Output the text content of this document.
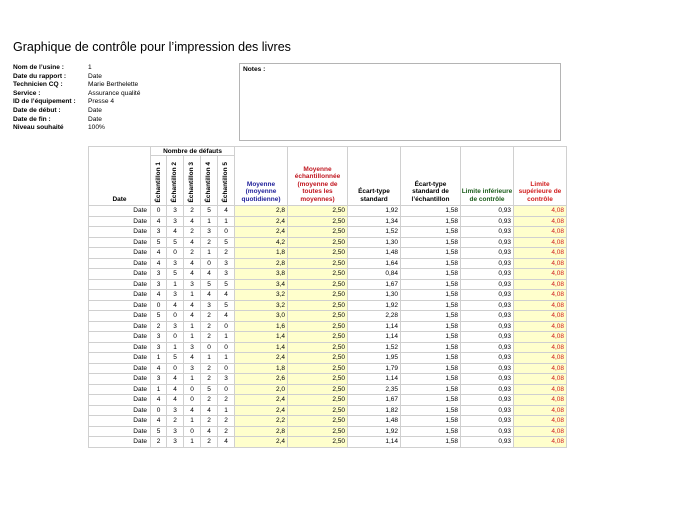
Graphique de contrôle pour l’impression des livres
Nom de l’usine :	1
Date du rapport :	Date
Technicien CQ :	Marie Berthelette
Service :	Assurance qualité
ID de l’équipement :	Presse 4
Date de début :	Date
Date de fin :	Date
Niveau souhaité	100%
Notes :
Date	Nombre de défauts					Moyenne (moyenne quotidienne)	Moyenne échantillonnée (moyenne de toutes les moyennes)	Écart-type standard	Écart-type standard de l’échantillon	Limite inférieure de contrôle	Limite supérieure de contrôle
	Échantillon 1	Échantillon 2	Échantillon 3	Échantillon 4	Échantillon 5						
Date	0	3	2	5	4	2,8	2,50	1,92	1,58	0,93	4,08
Date	4	3	4	1	1	2,4	2,50	1,34	1,58	0,93	4,08
Date	3	4	2	3	0	2,4	2,50	1,52	1,58	0,93	4,08
Date	5	5	4	2	5	4,2	2,50	1,30	1,58	0,93	4,08
Date	4	0	2	1	2	1,8	2,50	1,48	1,58	0,93	4,08
Date	4	3	4	0	3	2,8	2,50	1,64	1,58	0,93	4,08
Date	3	5	4	4	3	3,8	2,50	0,84	1,58	0,93	4,08
Date	3	1	3	5	5	3,4	2,50	1,67	1,58	0,93	4,08
Date	4	3	1	4	4	3,2	2,50	1,30	1,58	0,93	4,08
Date	0	4	4	3	5	3,2	2,50	1,92	1,58	0,93	4,08
Date	5	0	4	2	4	3,0	2,50	2,28	1,58	0,93	4,08
Date	2	3	1	2	0	1,6	2,50	1,14	1,58	0,93	4,08
Date	3	0	1	2	1	1,4	2,50	1,14	1,58	0,93	4,08
Date	3	1	3	0	0	1,4	2,50	1,52	1,58	0,93	4,08
Date	1	5	4	1	1	2,4	2,50	1,95	1,58	0,93	4,08
Date	4	0	3	2	0	1,8	2,50	1,79	1,58	0,93	4,08
Date	3	4	1	2	3	2,6	2,50	1,14	1,58	0,93	4,08
Date	1	4	0	5	0	2,0	2,50	2,35	1,58	0,93	4,08
Date	4	4	0	2	2	2,4	2,50	1,67	1,58	0,93	4,08
Date	0	3	4	4	1	2,4	2,50	1,82	1,58	0,93	4,08
Date	4	2	1	2	2	2,2	2,50	1,48	1,58	0,93	4,08
Date	5	3	0	4	2	2,8	2,50	1,92	1,58	0,93	4,08
Date	2	3	1	2	4	2,4	2,50	1,14	1,58	0,93	4,08
